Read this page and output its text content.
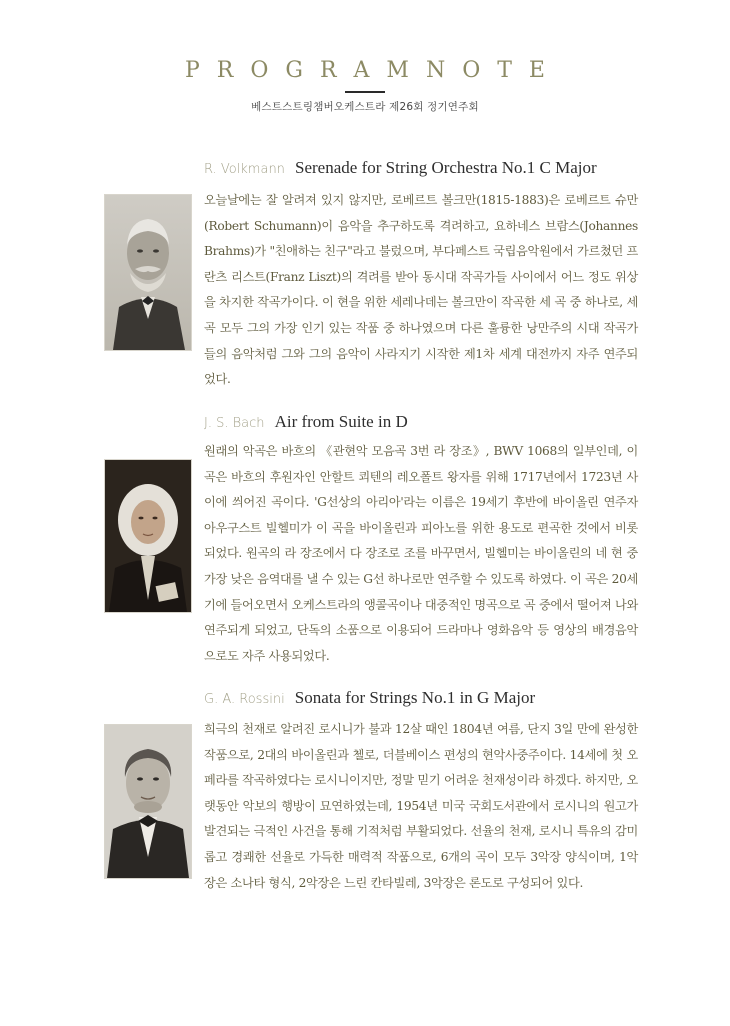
PROGRAMNOTE
베스트스트링챔버오케스트라 제26회 정기연주회
R. Volkmann Serenade for String Orchestra No.1 C Major
오늘날에는 잘 알려져 있지 않지만, 로베르트 볼크만(1815-1883)은 로베르트 슈만(Robert Schumann)이 음악을 추구하도록 격려하고, 요하네스 브람스(Johannes Brahms)가 "친애하는 친구"라고 불렀으며, 부다페스트 국립음악원에서 가르쳤던 프란츠 리스트(Franz Liszt)의 격려를 받아 동시대 작곡가들 사이에서 어느 정도 위상을 차지한 작곡가이다. 이 현을 위한 세레나데는 볼크만이 작곡한 세 곡 중 하나로, 세 곡 모두 그의 가장 인기 있는 작품 중 하나였으며 다른 훌륭한 낭만주의 시대 작곡가들의 음악처럼 그와 그의 음악이 사라지기 시작한 제1차 세계 대전까지 자주 연주되었다.
J. S. Bach Air from Suite in D
원래의 악곡은 바흐의 《관현악 모음곡 3번 라 장조》, BWV 1068의 일부인데, 이 곡은 바흐의 후원자인 안할트 쾨텐의 레오폴트 왕자를 위해 1717년에서 1723년 사이에 씌어진 곡이다. 'G선상의 아리아'라는 이름은 19세기 후반에 바이올린 연주자 아우구스트 빌헬미가 이 곡을 바이올린과 피아노를 위한 용도로 편곡한 것에서 비롯되었다. 원곡의 라 장조에서 다 장조로 조를 바꾸면서, 빌헬미는 바이올린의 네 현 중 가장 낮은 음역대를 낼 수 있는 G선 하나로만 연주할 수 있도록 하였다. 이 곡은 20세기에 들어오면서 오케스트라의 앵콜곡이나 대중적인 명곡으로 곡 중에서 떨어져 나와 연주되게 되었고, 단독의 소품으로 이용되어 드라마나 영화음악 등 영상의 배경음악으로도 자주 사용되었다.
G. A. Rossini Sonata for Strings No.1 in G Major
희극의 천재로 알려진 로시니가 불과 12살 때인 1804년 여름, 단지 3일 만에 완성한 작품으로, 2대의 바이올린과 첼로, 더블베이스 편성의 현악사중주이다. 14세에 첫 오페라를 작곡하였다는 로시니이지만, 정말 믿기 어려운 천재성이라 하겠다. 하지만, 오랫동안 악보의 행방이 묘연하였는데, 1954년 미국 국회도서관에서 로시니의 원고가 발견되는 극적인 사건을 통해 기적처럼 부활되었다. 선율의 천재, 로시니 특유의 감미롭고 경쾌한 선율로 가득한 매력적 작품으로, 6개의 곡이 모두 3악장 양식이며, 1악장은 소나타 형식, 2악장은 느린 칸타빌레, 3악장은 론도로 구성되어 있다.
